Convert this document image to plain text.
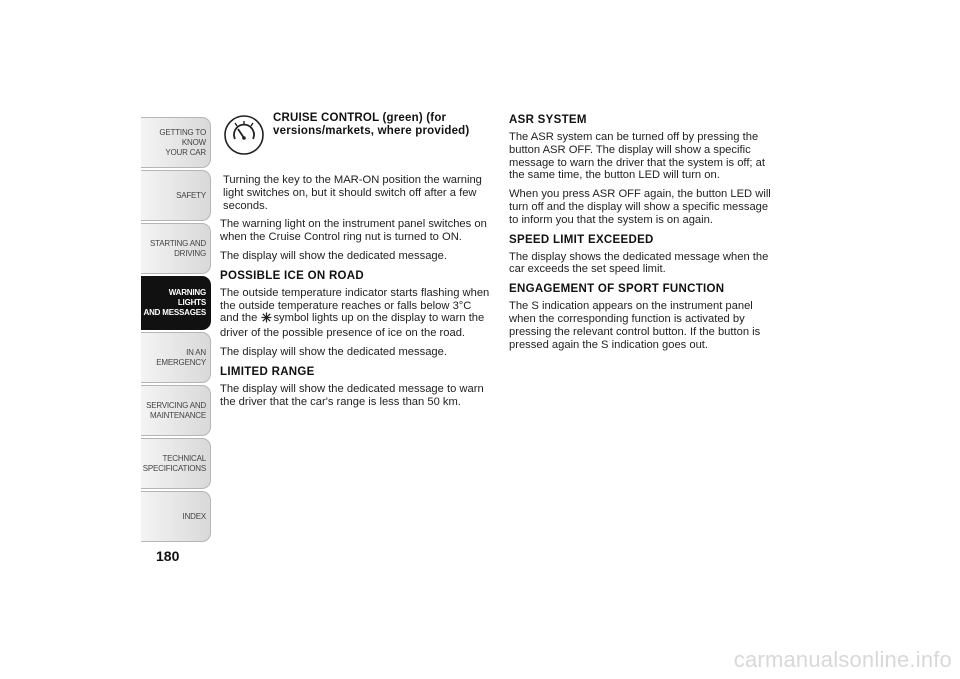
GETTING TO KNOW
YOUR CAR
SAFETY
STARTING AND
DRIVING
WARNING LIGHTS
AND MESSAGES
IN AN EMERGENCY
SERVICING AND
MAINTENANCE
TECHNICAL
SPECIFICATIONS
INDEX
180
CRUISE CONTROL (green) (for versions/markets, where provided)

Turning the key to the MAR-ON position the warning light switches on, but it should switch off after a few seconds.

The warning light on the instrument panel switches on when the Cruise Control ring nut is turned to ON.

The display will show the dedicated message.

POSSIBLE ICE ON ROAD

The outside temperature indicator starts flashing when the outside temperature reaches or falls below 3°C and the symbol lights up on the display to warn the driver of the possible presence of ice on the road.

The display will show the dedicated message.

LIMITED RANGE

The display will show the dedicated message to warn the driver that the car's range is less than 50 km.

ASR SYSTEM

The ASR system can be turned off by pressing the button ASR OFF. The display will show a specific message to warn the driver that the system is off; at the same time, the button LED will turn on.

When you press ASR OFF again, the button LED will turn off and the display will show a specific message to inform you that the system is on again.

SPEED LIMIT EXCEEDED

The display shows the dedicated message when the car exceeds the set speed limit.

ENGAGEMENT OF SPORT FUNCTION

The S indication appears on the instrument panel when the corresponding function is activated by pressing the relevant control button. If the button is pressed again the S indication goes out.

carmanualsonline.info
